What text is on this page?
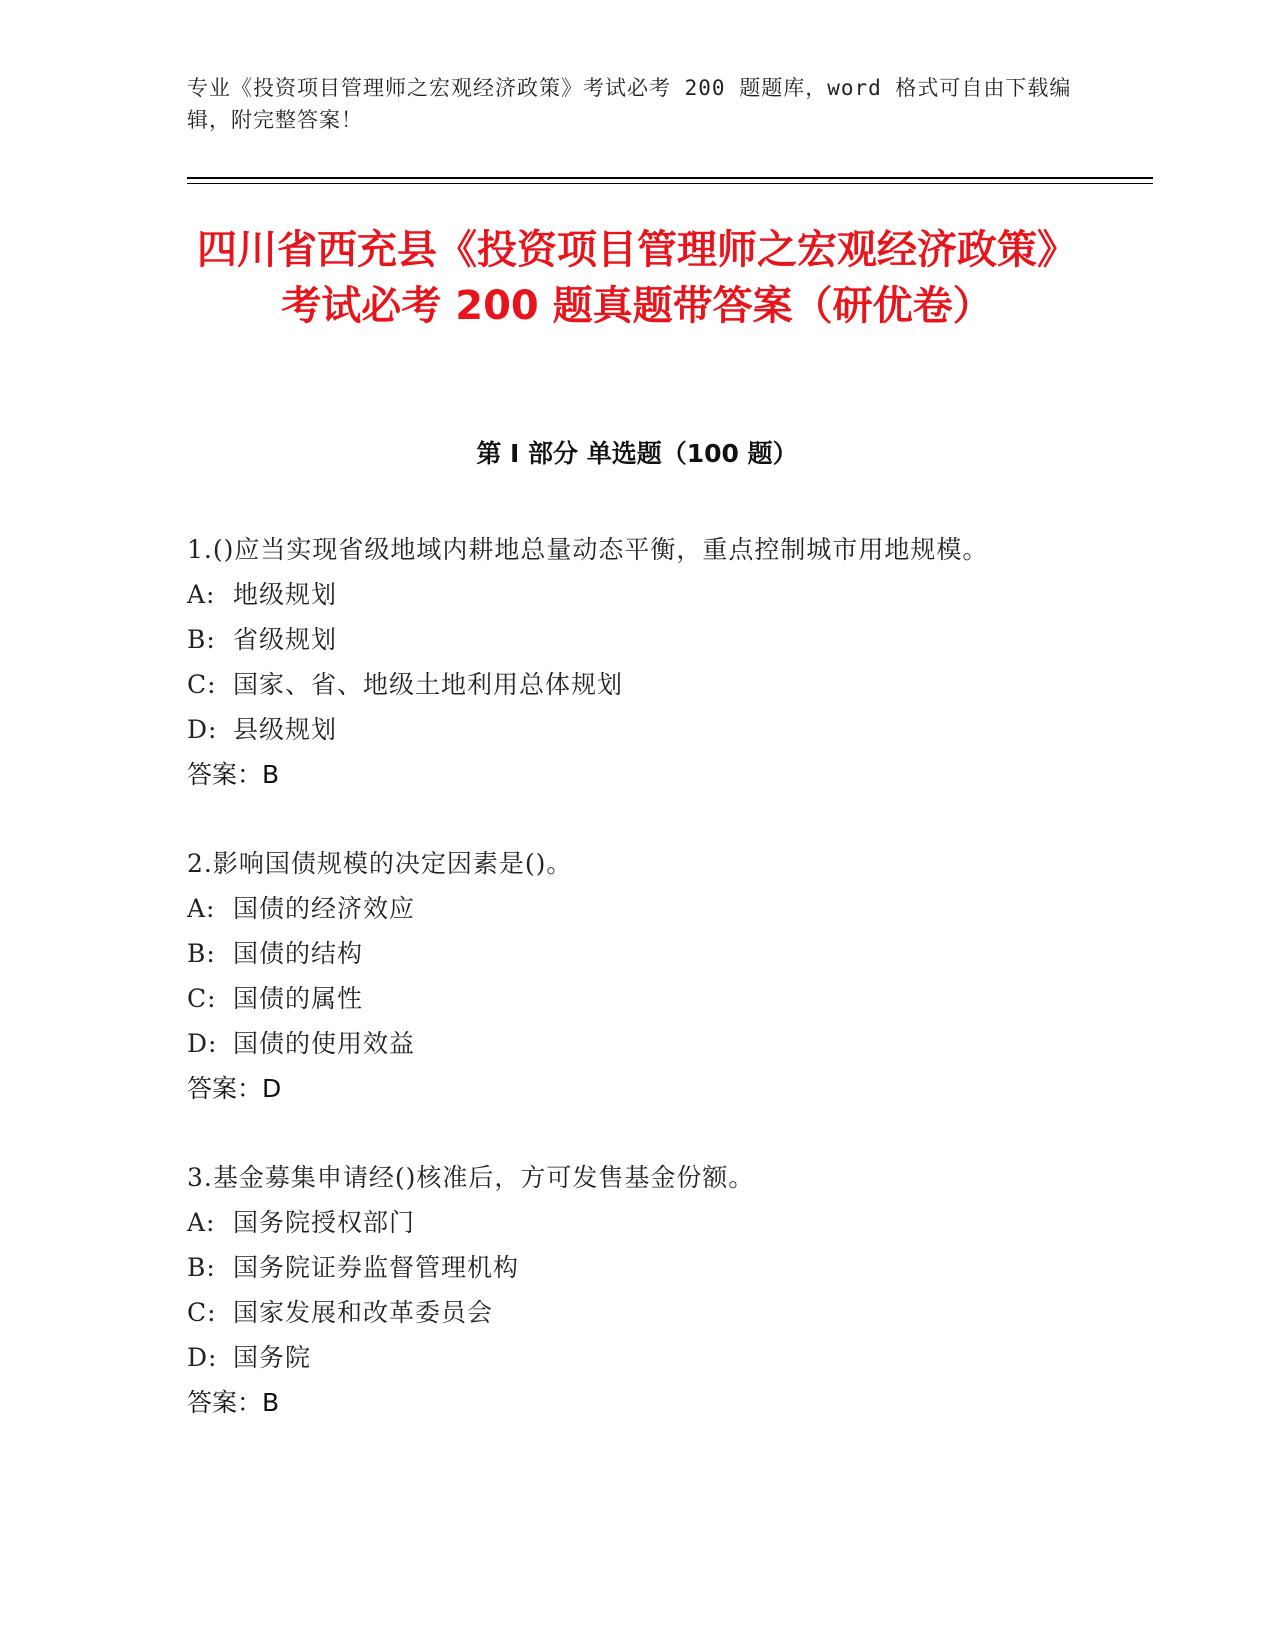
专业《投资项目管理师之宏观经济政策》考试必考 200 题题库，word 格式可自由下载编辑，附完整答案！
四川省西充县《投资项目管理师之宏观经济政策》考试必考 200 题真题带答案（研优卷）
第 I 部分 单选题（100 题）
1.()应当实现省级地域内耕地总量动态平衡，重点控制城市用地规模。
A: 地级规划
B: 省级规划
C: 国家、省、地级土地利用总体规划
D: 县级规划
答案：B
2.影响国债规模的决定因素是()。
A: 国债的经济效应
B: 国债的结构
C: 国债的属性
D: 国债的使用效益
答案：D
3.基金募集申请经()核准后，方可发售基金份额。
A: 国务院授权部门
B: 国务院证券监督管理机构
C: 国家发展和改革委员会
D: 国务院
答案：B
